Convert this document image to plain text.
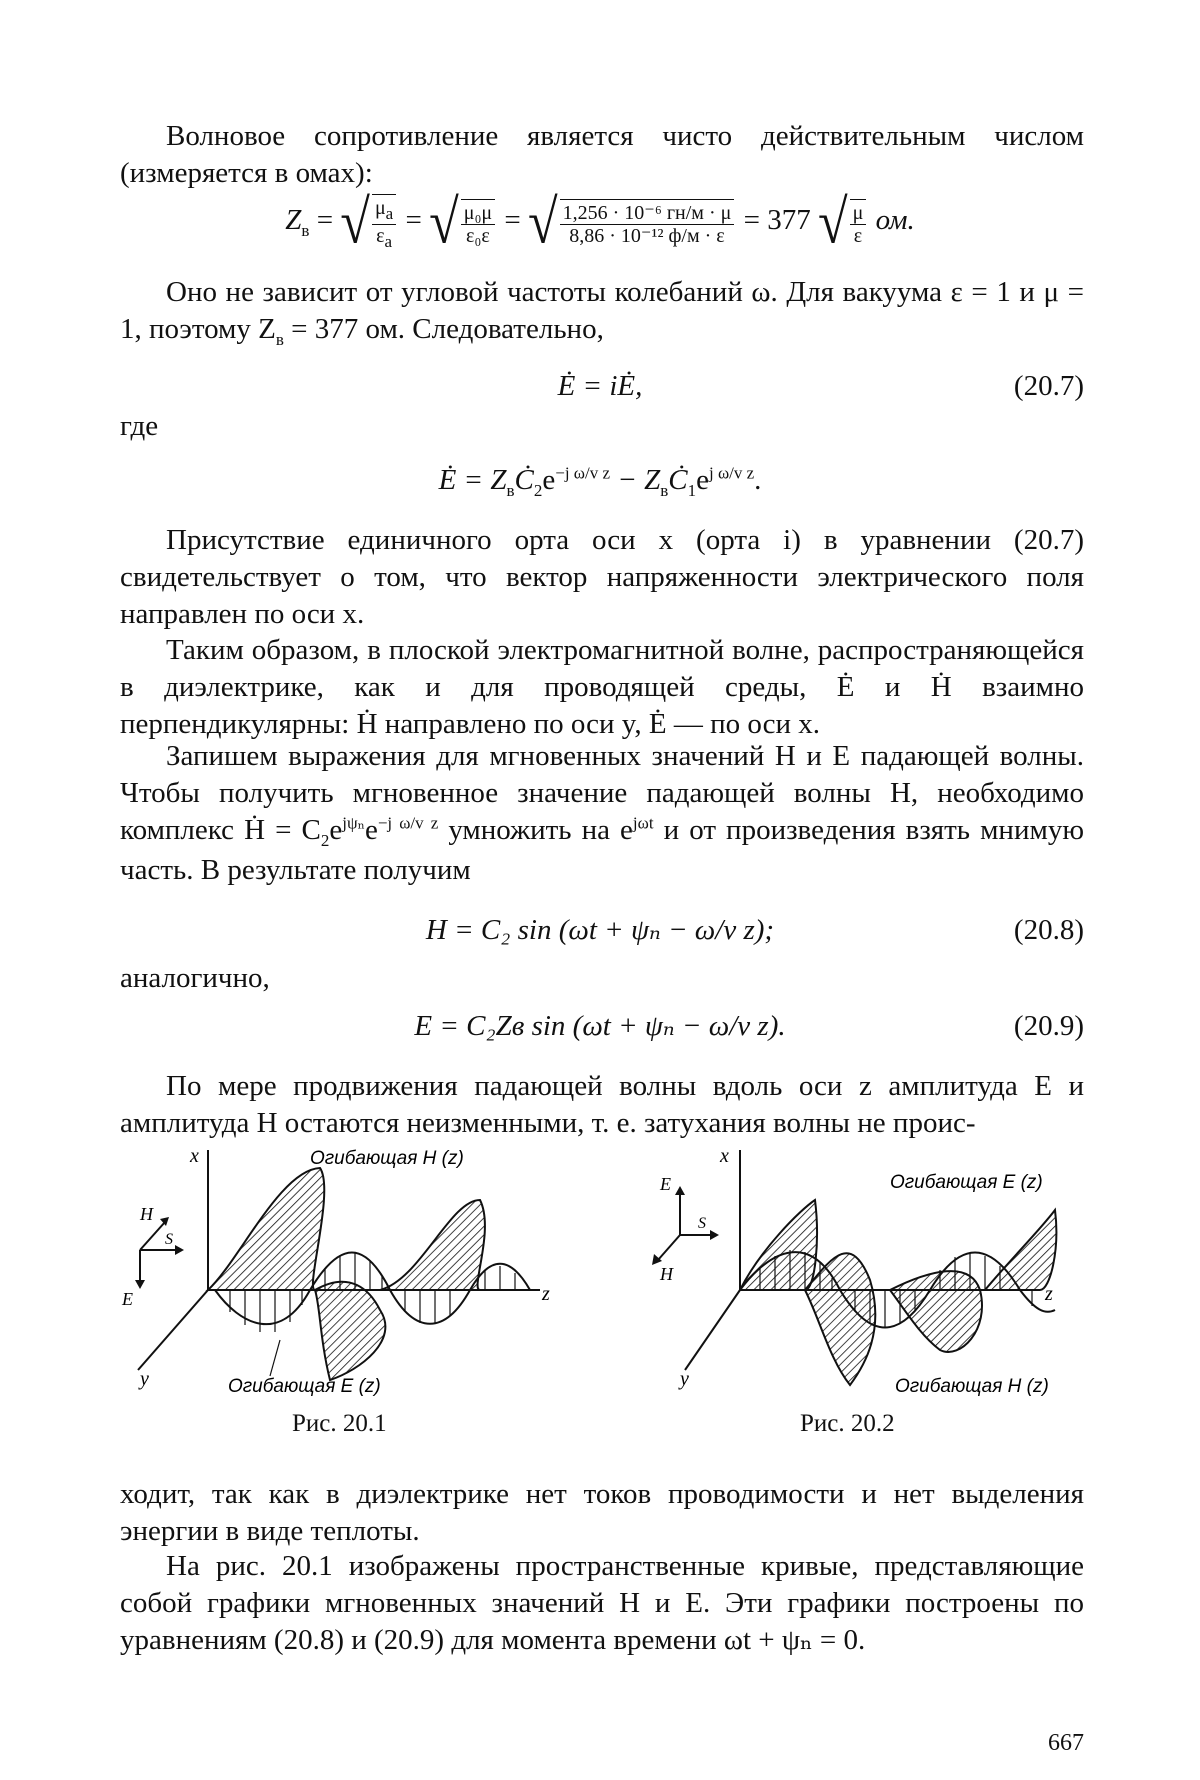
Волновое сопротивление является чисто действительным числом (измеряется в омах):

$Z_в$ = √ $\frac{\mu_а}{\varepsilon_а}$ = √ $\frac{\text{μ₀μ}}{\text{ε₀ε}}$ = √ $\frac{\text{1,256 · 10⁻⁶ гн/м · μ}}{\text{8,86 · 10⁻¹² ф/м · ε}} = 377$ √ $\frac{\mu}{\varepsilon}$ ом.

Оно не зависит от угловой частоты колебаний ω. Для вакуума ε = 1 и μ = 1, поэтому $Z_в = 377$ ом. Следовательно,

Ė = iĖ,	(20.7)

где

Ė = $Z_вĊ_2e^{-j \omega/v z}$ − $Z_вĊ_1e^{j \omega/v z}$.

Присутствие единичного орта оси x (орта i) в уравнении (20.7) свидетельствует о том, что вектор напряженности электрического поля направлен по оси x.

Таким образом, в плоской электромагнитной волне, распространяющейся в диэлектрике, как и для проводящей среды, Ė и Ḣ взаимно перпендикулярны: Ḣ направлено по оси y, Ė — по оси x.

Запишем выражения для мгновенных значений H и E падающей волны. Чтобы получить мгновенное значение падающей волны H, необходимо комплекс Ḣ = $C_2e^{j\psi_n}e^{-j \omega/v z}$ умножить на $e^{j\omega t}$ и от произведения взять мнимую часть. В результате получим

H = C₂ sin (ωt + ψₙ − ω/v z);	(20.8)

аналогично,

E = C₂Zв sin (ωt + ψₙ − ω/v z).	(20.9)

По мере продвижения падающей волны вдоль оси z амплитуда E и амплитуда H остаются неизменными, т. е. затухания волны не проис-

x
y
z
H
E
S
Огибающая H (z)
Огибающая E (z)
Рис. 20.1
x
y
z
E
H
S
Огибающая E (z)
Огибающая H (z)
Рис. 20.2

ходит, так как в диэлектрике нет токов проводимости и нет выделения энергии в виде теплоты.

На рис. 20.1 изображены пространственные кривые, представляющие собой графики мгновенных значений H и E. Эти графики построены по уравнениям (20.8) и (20.9) для момента времени ωt + ψₙ = 0.

667
